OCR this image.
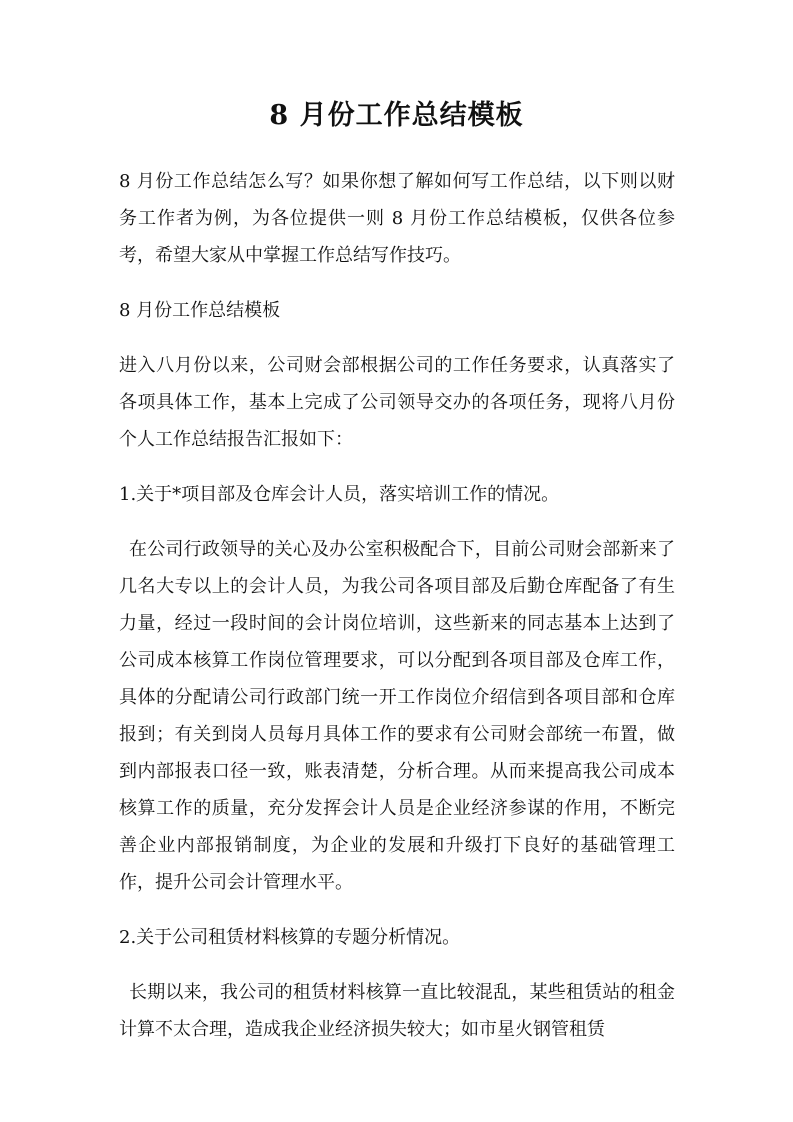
8 月份工作总结模板

8 月份工作总结怎么写？如果你想了解如何写工作总结，以下则以财务工作者为例，为各位提供一则 8 月份工作总结模板，仅供各位参考，希望大家从中掌握工作总结写作技巧。

8 月份工作总结模板

进入八月份以来，公司财会部根据公司的工作任务要求，认真落实了各项具体工作，基本上完成了公司领导交办的各项任务，现将八月份个人工作总结报告汇报如下：

1.关于*项目部及仓库会计人员，落实培训工作的情况。

在公司行政领导的关心及办公室积极配合下，目前公司财会部新来了几名大专以上的会计人员，为我公司各项目部及后勤仓库配备了有生力量，经过一段时间的会计岗位培训，这些新来的同志基本上达到了公司成本核算工作岗位管理要求，可以分配到各项目部及仓库工作，具体的分配请公司行政部门统一开工作岗位介绍信到各项目部和仓库报到；有关到岗人员每月具体工作的要求有公司财会部统一布置，做到内部报表口径一致，账表清楚，分析合理。从而来提高我公司成本核算工作的质量，充分发挥会计人员是企业经济参谋的作用，不断完善企业内部报销制度，为企业的发展和升级打下良好的基础管理工作，提升公司会计管理水平。

2.关于公司租赁材料核算的专题分析情况。

长期以来，我公司的租赁材料核算一直比较混乱，某些租赁站的租金计算不太合理，造成我企业经济损失较大；如市星火钢管租赁
